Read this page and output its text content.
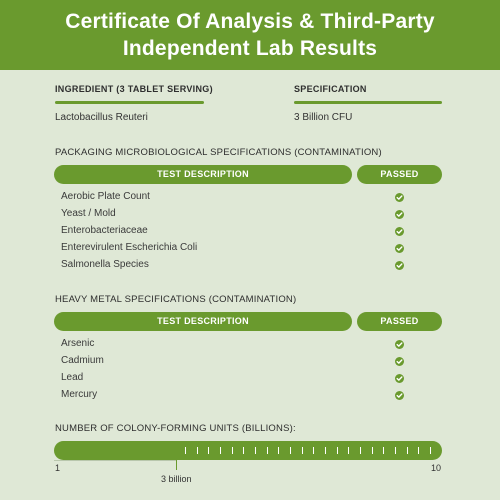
Certificate Of Analysis & Third-Party
Independent Lab Results
INGREDIENT (3 TABLET SERVING)
Lactobacillus Reuteri
SPECIFICATION
3 Billion CFU
PACKAGING MICROBIOLOGICAL SPECIFICATIONS (CONTAMINATION)
TEST DESCRIPTION	PASSED
Aerobic Plate Count
Yeast / Mold
Enterobacteriaceae
Enterevirulent Escherichia Coli
Salmonella Species
HEAVY METAL SPECIFICATIONS (CONTAMINATION)
TEST DESCRIPTION	PASSED
Arsenic
Cadmium
Lead
Mercury
NUMBER OF COLONY-FORMING UNITS (BILLIONS):
1
3 billion
10
